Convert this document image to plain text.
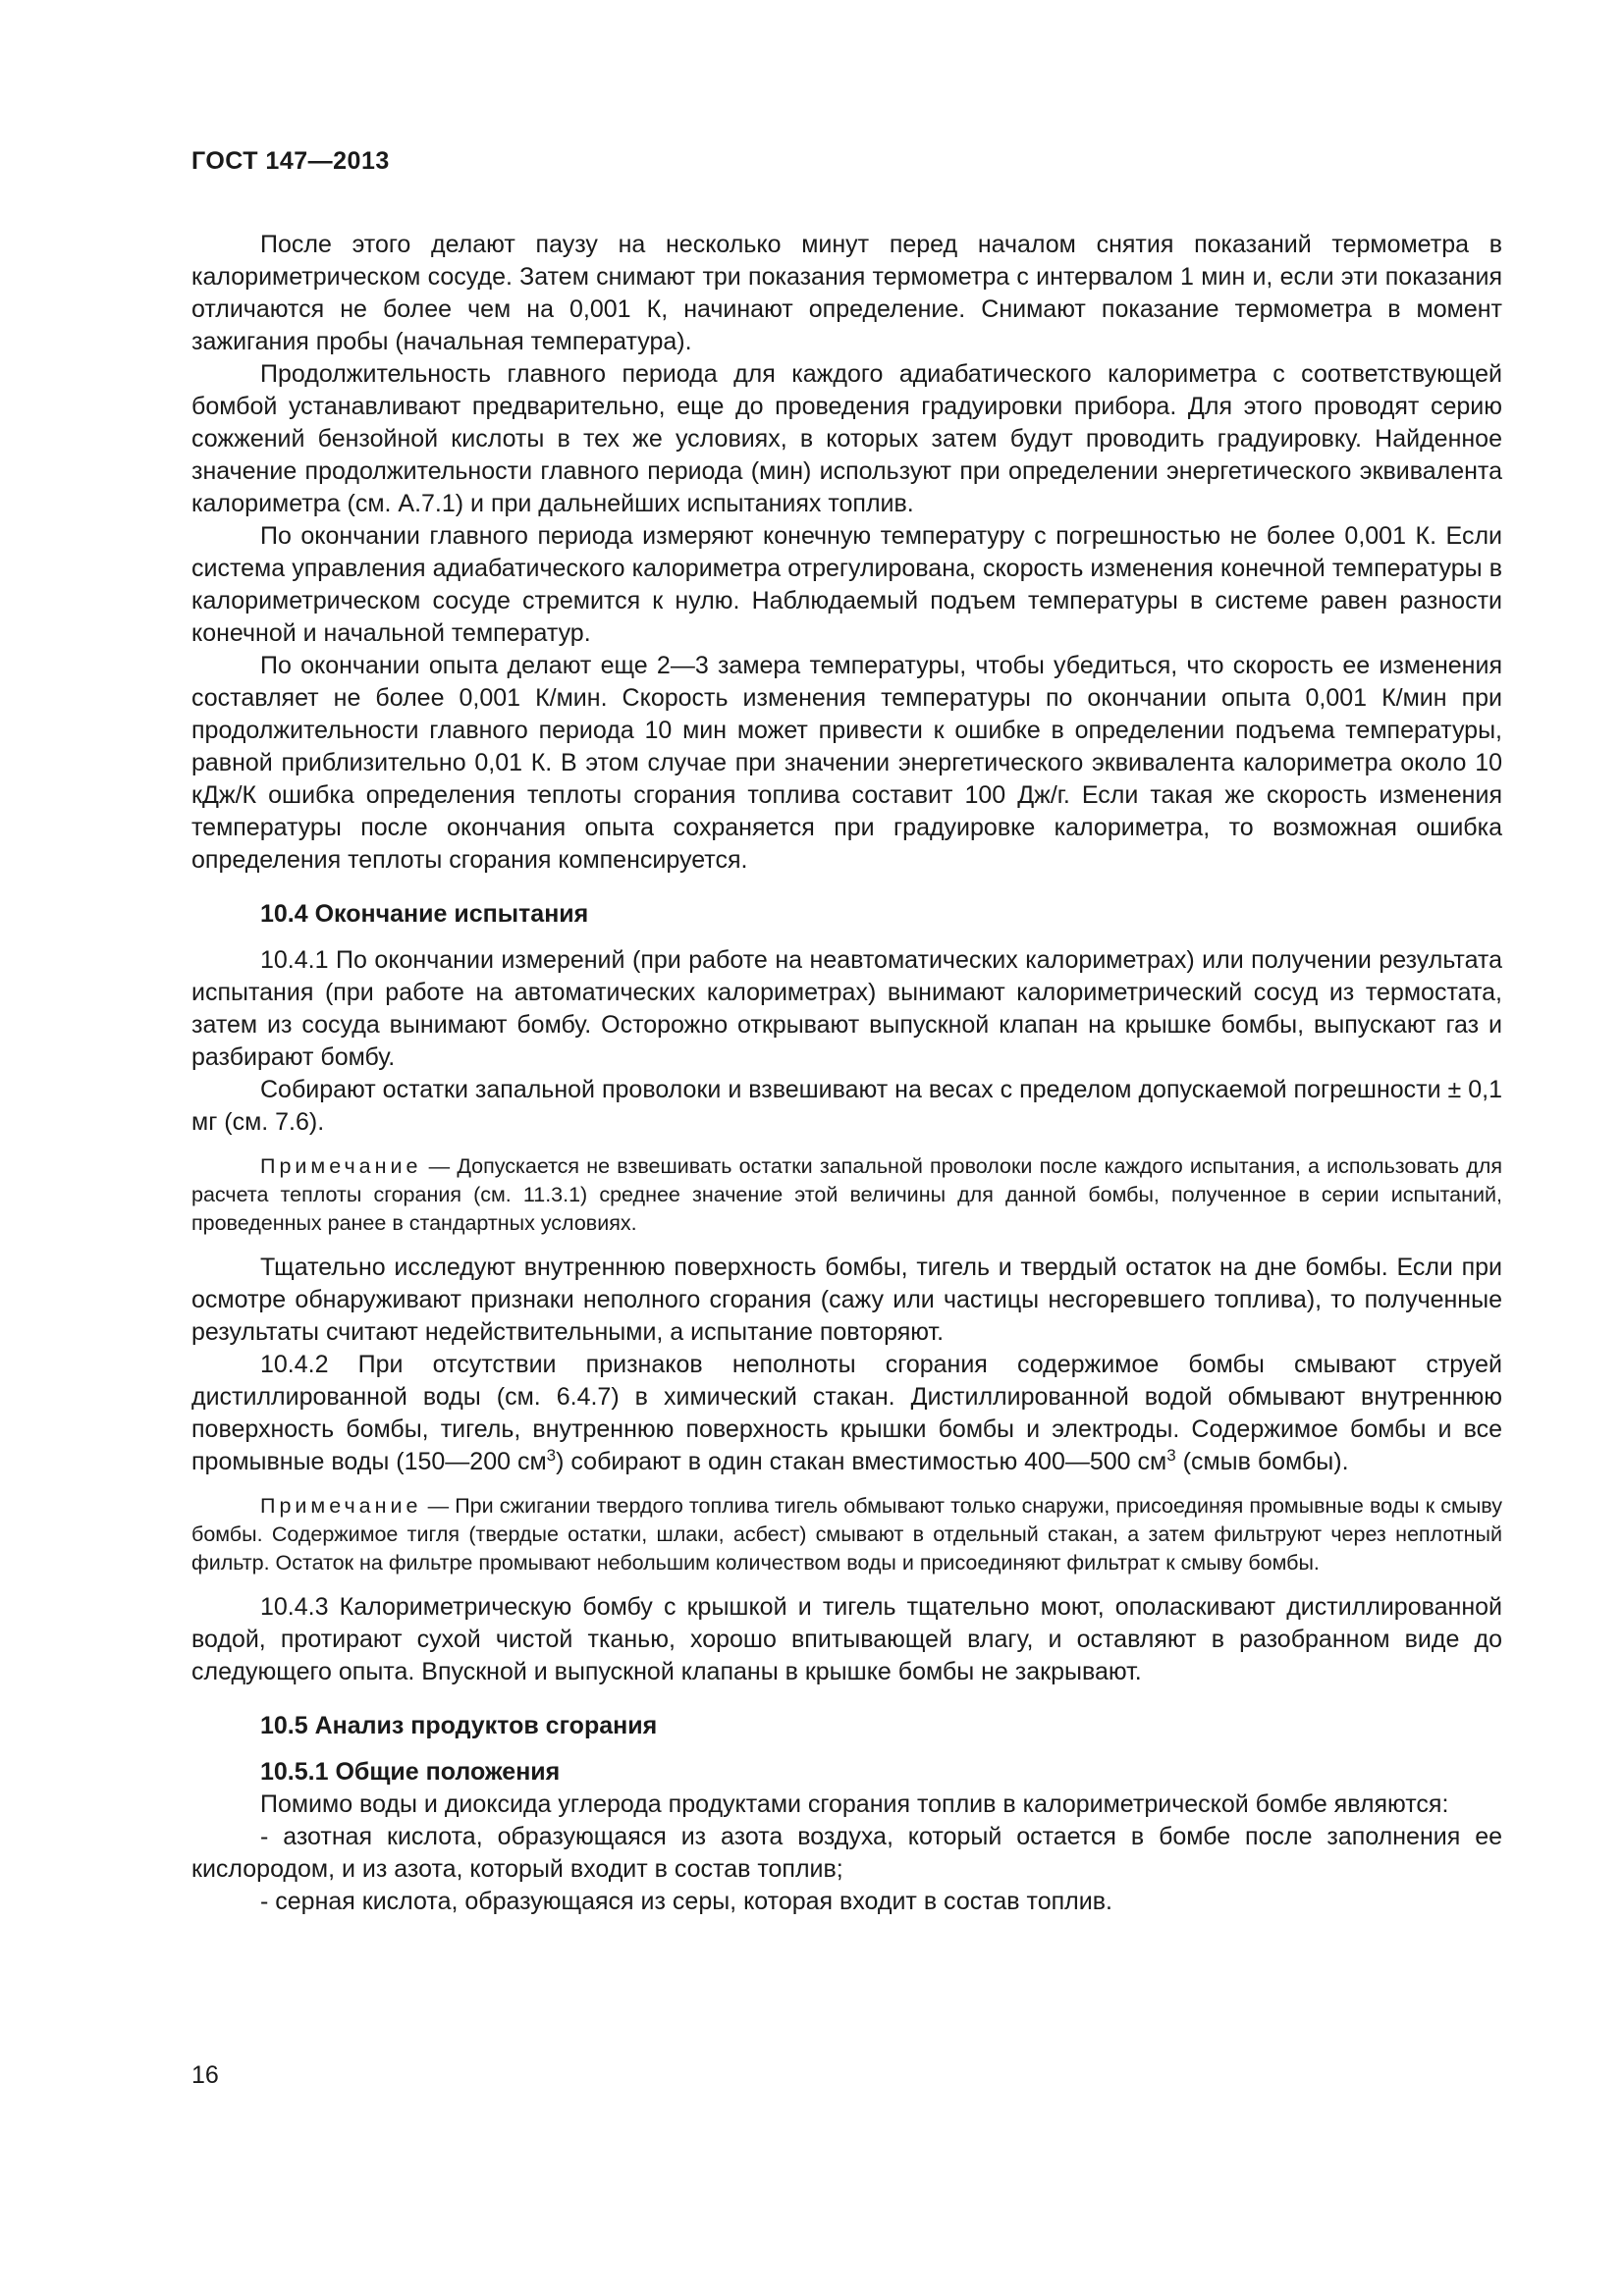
ГОСТ 147—2013

После этого делают паузу на несколько минут перед началом снятия показаний термометра в калориметрическом сосуде. Затем снимают три показания термометра с интервалом 1 мин и, если эти показания отличаются не более чем на 0,001 К, начинают определение. Снимают показание термометра в момент зажигания пробы (начальная температура).

Продолжительность главного периода для каждого адиабатического калориметра с соответствующей бомбой устанавливают предварительно, еще до проведения градуировки прибора. Для этого проводят серию сожжений бензойной кислоты в тех же условиях, в которых затем будут проводить градуировку. Найденное значение продолжительности главного периода (мин) используют при определении энергетического эквивалента калориметра (см. А.7.1) и при дальнейших испытаниях топлив.

По окончании главного периода измеряют конечную температуру с погрешностью не более 0,001 К. Если система управления адиабатического калориметра отрегулирована, скорость изменения конечной температуры в калориметрическом сосуде стремится к нулю. Наблюдаемый подъем температуры в системе равен разности конечной и начальной температур.

По окончании опыта делают еще 2—3 замера температуры, чтобы убедиться, что скорость ее изменения составляет не более 0,001 К/мин. Скорость изменения температуры по окончании опыта 0,001 К/мин при продолжительности главного периода 10 мин может привести к ошибке в определении подъема температуры, равной приблизительно 0,01 К. В этом случае при значении энергетического эквивалента калориметра около 10 кДж/К ошибка определения теплоты сгорания топлива составит 100 Дж/г. Если такая же скорость изменения температуры после окончания опыта сохраняется при градуировке калориметра, то возможная ошибка определения теплоты сгорания компенсируется.

10.4 Окончание испытания

10.4.1 По окончании измерений (при работе на неавтоматических калориметрах) или получении результата испытания (при работе на автоматических калориметрах) вынимают калориметрический сосуд из термостата, затем из сосуда вынимают бомбу. Осторожно открывают выпускной клапан на крышке бомбы, выпускают газ и разбирают бомбу.

Собирают остатки запальной проволоки и взвешивают на весах с пределом допускаемой погрешности ± 0,1 мг (см. 7.6).

Примечание — Допускается не взвешивать остатки запальной проволоки после каждого испытания, а использовать для расчета теплоты сгорания (см. 11.3.1) среднее значение этой величины для данной бомбы, полученное в серии испытаний, проведенных ранее в стандартных условиях.

Тщательно исследуют внутреннюю поверхность бомбы, тигель и твердый остаток на дне бомбы. Если при осмотре обнаруживают признаки неполного сгорания (сажу или частицы несгоревшего топлива), то полученные результаты считают недействительными, а испытание повторяют.

10.4.2 При отсутствии признаков неполноты сгорания содержимое бомбы смывают струей дистиллированной воды (см. 6.4.7) в химический стакан. Дистиллированной водой обмывают внутреннюю поверхность бомбы, тигель, внутреннюю поверхность крышки бомбы и электроды. Содержимое бомбы и все промывные воды (150—200 $см^3$) собирают в один стакан вместимостью 400—500 $см^3$ (смыв бомбы).

Примечание — При сжигании твердого топлива тигель обмывают только снаружи, присоединяя промывные воды к смыву бомбы. Содержимое тигля (твердые остатки, шлаки, асбест) смывают в отдельный стакан, а затем фильтруют через неплотный фильтр. Остаток на фильтре промывают небольшим количеством воды и присоединяют фильтрат к смыву бомбы.

10.4.3 Калориметрическую бомбу с крышкой и тигель тщательно моют, ополаскивают дистиллированной водой, протирают сухой чистой тканью, хорошо впитывающей влагу, и оставляют в разобранном виде до следующего опыта. Впускной и выпускной клапаны в крышке бомбы не закрывают.

10.5 Анализ продуктов сгорания

10.5.1 Общие положения

Помимо воды и диоксида углерода продуктами сгорания топлив в калориметрической бомбе являются:

- азотная кислота, образующаяся из азота воздуха, который остается в бомбе после заполнения ее кислородом, и из азота, который входит в состав топлив;

- серная кислота, образующаяся из серы, которая входит в состав топлив.

16
